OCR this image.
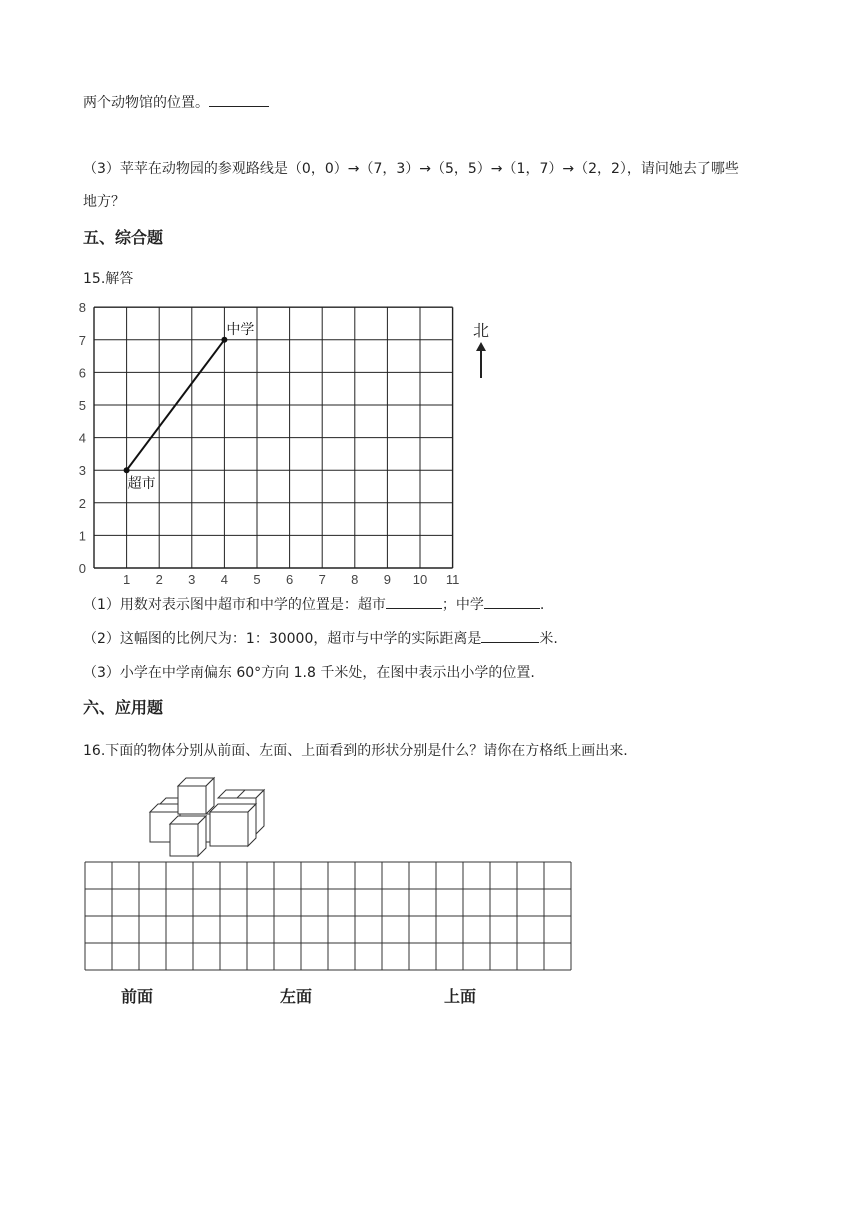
两个动物馆的位置。
（3）苹苹在动物园的参观路线是（0，0）→（7，3）→（5，5）→（1，7）→（2，2），请问她去了哪些
地方？
五、综合题
15.解答
1 2 3 4 5 6 7 8 9 10 11
0
1
2
3
4
5
6
7
8
超市
中学	北
（1）用数对表示图中超市和中学的位置是：超市	；中学	.
（2）这幅图的比例尺为：1：30000，超市与中学的实际距离是	米.
（3）小学在中学南偏东 60°方向 1.8 千米处，在图中表示出小学的位置.
六、应用题
16.下面的物体分别从前面、左面、上面看到的形状分别是什么？请你在方格纸上画出来.
前面	左面	上面
